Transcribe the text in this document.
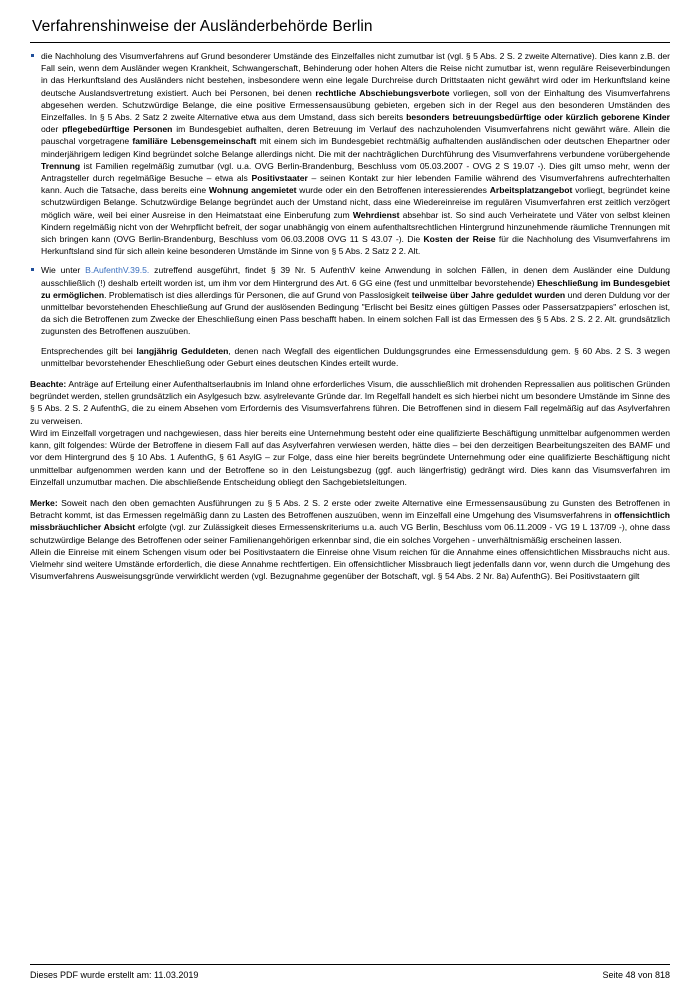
Verfahrenshinweise der Ausländerbehörde Berlin
die Nachholung des Visumverfahrens auf Grund besonderer Umstände des Einzelfalles nicht zumutbar ist (vgl. § 5 Abs. 2 S. 2 zweite Alternative). Dies kann z.B. der Fall sein, wenn dem Ausländer wegen Krankheit, Schwangerschaft, Behinderung oder hohen Alters die Reise nicht zumutbar ist, wenn reguläre Reiseverbindungen in das Herkunftsland des Ausländers nicht bestehen, insbesondere wenn eine legale Durchreise durch Drittstaaten nicht gewährt wird oder im Herkunftsland keine deutsche Auslandsvertretung existiert. Auch bei Personen, bei denen rechtliche Abschiebungsverbote vorliegen, soll von der Einhaltung des Visumverfahrens abgesehen werden. Schutzwürdige Belange, die eine positive Ermessensausübung gebieten, ergeben sich in der Regel aus den besonderen Umständen des Einzelfalles. In § 5 Abs. 2 Satz 2 zweite Alternative etwa aus dem Umstand, dass sich bereits besonders betreuungsbedürftige oder kürzlich geborene Kinder oder pflegebedürftige Personen im Bundesgebiet aufhalten, deren Betreuung im Verlauf des nachzuholenden Visumverfahrens nicht gewährt wäre. Allein die pauschal vorgetragene familiäre Lebensgemeinschaft mit einem sich im Bundesgebiet rechtmäßig aufhaltenden ausländischen oder deutschen Ehepartner oder minderjährigem ledigen Kind begründet solche Belange allerdings nicht. Die mit der nachträglichen Durchführung des Visumverfahrens verbundene vorübergehende Trennung ist Familien regelmäßig zumutbar (vgl. u.a. OVG Berlin-Brandenburg, Beschluss vom 05.03.2007 - OVG 2 S 19.07 -). Dies gilt umso mehr, wenn der Antragsteller durch regelmäßige Besuche – etwa als Positivstaater – seinen Kontakt zur hier lebenden Familie während des Visumverfahrens aufrechterhalten kann. Auch die Tatsache, dass bereits eine Wohnung angemietet wurde oder ein den Betroffenen interessierendes Arbeitsplatzangebot vorliegt, begründet keine schutzwürdigen Belange. Schutzwürdige Belange begründet auch der Umstand nicht, dass eine Wiedereinreise im regulären Visumverfahren erst zeitlich verzögert möglich wäre, weil bei einer Ausreise in den Heimatstaat eine Einberufung zum Wehrdienst absehbar ist. So sind auch Verheiratete und Väter von selbst kleinen Kindern regelmäßig nicht von der Wehrpflicht befreit, der sogar unabhängig von einem aufenthaltsrechtlichen Hintergrund hinzunehmende räumliche Trennungen mit sich bringen kann (OVG Berlin-Brandenburg, Beschluss vom 06.03.2008 OVG 11 S 43.07 -). Die Kosten der Reise für die Nachholung des Visumverfahrens im Herkunftsland sind für sich allein keine besonderen Umstände im Sinne von § 5 Abs. 2 Satz 2 2. Alt.
Wie unter B.AufenthV.39.5. zutreffend ausgeführt, findet § 39 Nr. 5 AufenthV keine Anwendung in solchen Fällen, in denen dem Ausländer eine Duldung ausschließlich (!) deshalb erteilt worden ist, um ihm vor dem Hintergrund des Art. 6 GG eine (fest und unmittelbar bevorstehende) Eheschließung im Bundesgebiet zu ermöglichen. Problematisch ist dies allerdings für Personen, die auf Grund von Passlosigkeit teilweise über Jahre geduldet wurden und deren Duldung vor der unmittelbar bevorstehenden Eheschließung auf Grund der auslösenden Bedingung "Erlischt bei Besitz eines gültigen Passes oder Passersatzpapiers" erloschen ist, da sich die Betroffenen zum Zwecke der Eheschließung einen Pass beschafft haben. In einem solchen Fall ist das Ermessen des § 5 Abs. 2 S. 2 2. Alt. grundsätzlich zugunsten des Betroffenen auszuüben.
Entsprechendes gilt bei langjährig Geduldeten, denen nach Wegfall des eigentlichen Duldungsgrundes eine Ermessensduldung gem. § 60 Abs. 2 S. 3 wegen unmittelbar bevorstehender Eheschließung oder Geburt eines deutschen Kindes erteilt wurde.
Beachte: Anträge auf Erteilung einer Aufenthaltserlaubnis im Inland ohne erforderliches Visum, die ausschließlich mit drohenden Repressalien aus politischen Gründen begründet werden, stellen grundsätzlich ein Asylgesuch bzw. asylrelevante Gründe dar. Im Regelfall handelt es sich hierbei nicht um besondere Umstände im Sinne des § 5 Abs. 2 S. 2 AufenthG, die zu einem Absehen vom Erfordernis des Visumsverfahrens führen. Die Betroffenen sind in diesem Fall regelmäßig auf das Asylverfahren zu verweisen.
Wird im Einzelfall vorgetragen und nachgewiesen, dass hier bereits eine Unternehmung besteht oder eine qualifizierte Beschäftigung unmittelbar aufgenommen werden kann, gilt folgendes: Würde der Betroffene in diesem Fall auf das Asylverfahren verwiesen werden, hätte dies – bei den derzeitigen Bearbeitungszeiten des BAMF und vor dem Hintergrund des § 10 Abs. 1 AufenthG, § 61 AsylG – zur Folge, dass eine hier bereits begründete Unternehmung oder eine qualifizierte Beschäftigung nicht unmittelbar aufgenommen werden kann und der Betroffene so in den Leistungsbezug (ggf. auch längerfristig) gedrängt wird. Dies kann das Visumsverfahren im Einzelfall unzumutbar machen. Die abschließende Entscheidung obliegt den Sachgebietsleitungen.
Merke: Soweit nach den oben gemachten Ausführungen zu § 5 Abs. 2 S. 2 erste oder zweite Alternative eine Ermessensausübung zu Gunsten des Betroffenen in Betracht kommt, ist das Ermessen regelmäßig dann zu Lasten des Betroffenen auszuüben, wenn im Einzelfall eine Umgehung des Visumsverfahrens in offensichtlich missbräuchlicher Absicht erfolgte (vgl. zur Zulässigkeit dieses Ermessenskriteriums u.a. auch VG Berlin, Beschluss vom 06.11.2009 - VG 19 L 137/09 -), ohne dass schutzwürdige Belange des Betroffenen oder seiner Familienangehörigen erkennbar sind, die ein solches Vorgehen - unverhältnismäßig erscheinen lassen.
Allein die Einreise mit einem Schengen visum oder bei Positivstaatern die Einreise ohne Visum reichen für die Annahme eines offensichtlichen Missbrauchs nicht aus. Vielmehr sind weitere Umstände erforderlich, die diese Annahme rechtfertigen. Ein offensichtlicher Missbrauch liegt jedenfalls dann vor, wenn durch die Umgehung des Visumverfahrens Ausweisungsgründe verwirklicht werden (vgl. Bezugnahme gegenüber der Botschaft, vgl. § 54 Abs. 2 Nr. 8a) AufenthG). Bei Positivstaatern gilt
Dieses PDF wurde erstellt am: 11.03.2019	Seite 48 von 818
